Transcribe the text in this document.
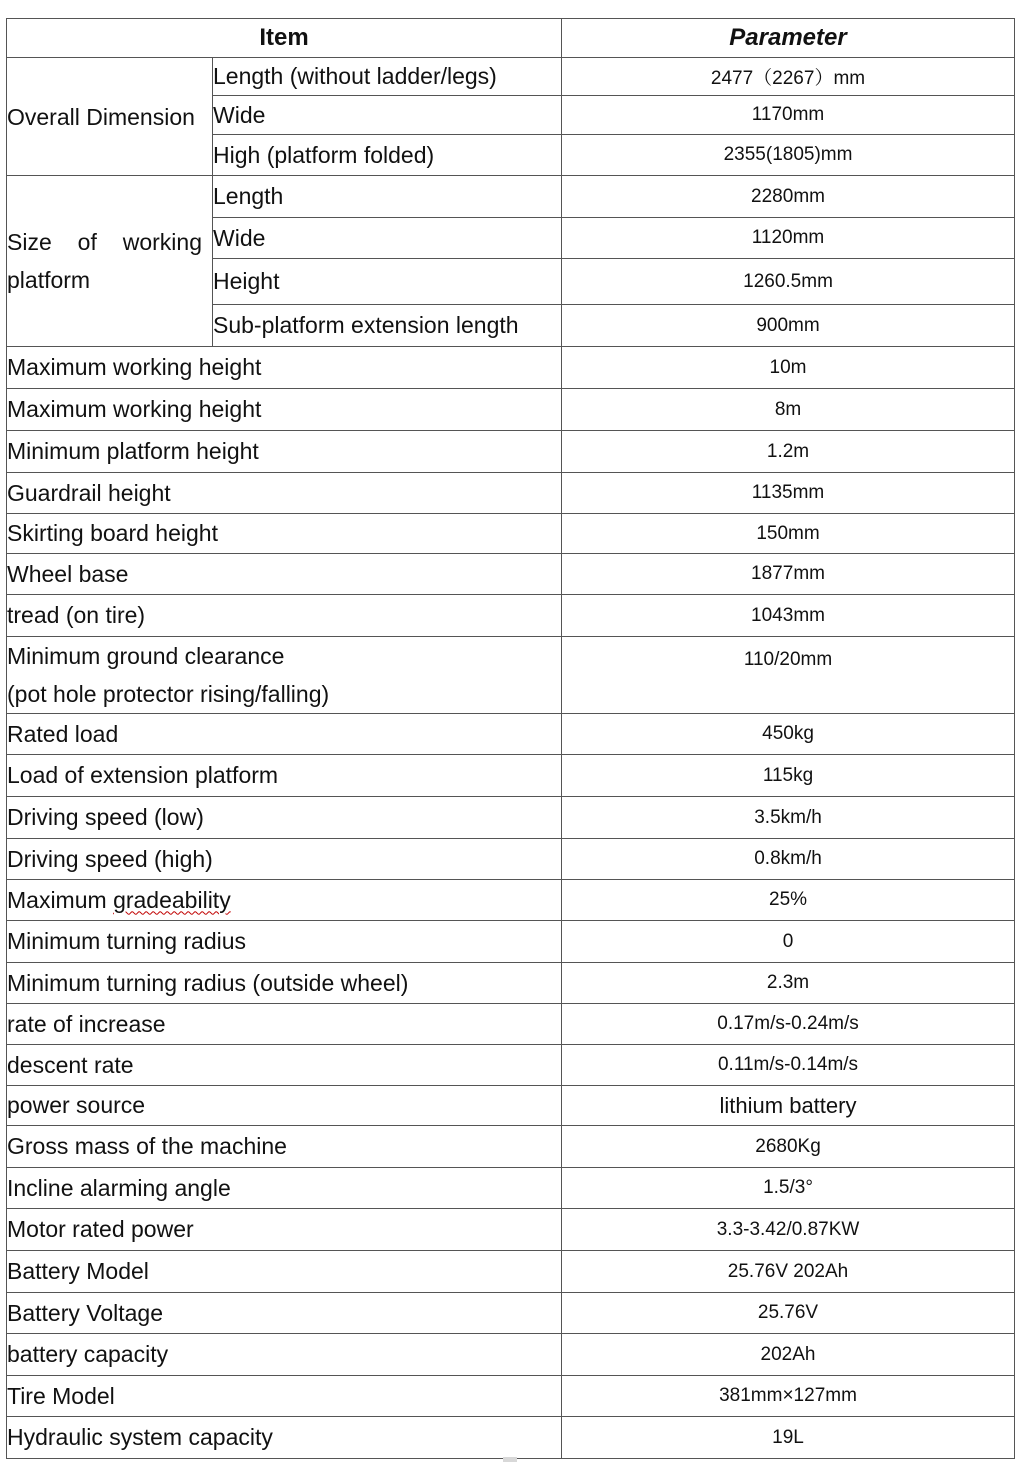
Item		Parameter
Overall Dimension	Length (without ladder/legs)	2477（2267）mm
	Wide	1170mm
	High (platform folded)	2355(1805)mm
Size of working platform	Length	2280mm
	Wide	1120mm
	Height	1260.5mm
	Sub-platform extension length	900mm
Maximum working height		10m
Maximum working height		8m
Minimum platform height		1.2m
Guardrail height		1135mm
Skirting board height		150mm
Wheel base		1877mm
tread (on tire)		1043mm

Minimum ground clearance
(pot hole protector rising/falling)		110/20mm
Rated load		450kg
Load of extension platform		115kg
Driving speed (low)		3.5km/h
Driving speed (high)		0.8km/h
Maximum gradeability		25%
Minimum turning radius		0
Minimum turning radius (outside wheel)		2.3m
rate of increase		0.17m/s-0.24m/s
descent rate		0.11m/s-0.14m/s
power source		lithium battery
Gross mass of the machine		2680Kg
Incline alarming angle		1.5/3°
Motor rated power		3.3-3.42/0.87KW
Battery Model		25.76V 202Ah
Battery Voltage		25.76V
battery capacity		202Ah
Tire Model		381mm×127mm
Hydraulic system capacity		19L
